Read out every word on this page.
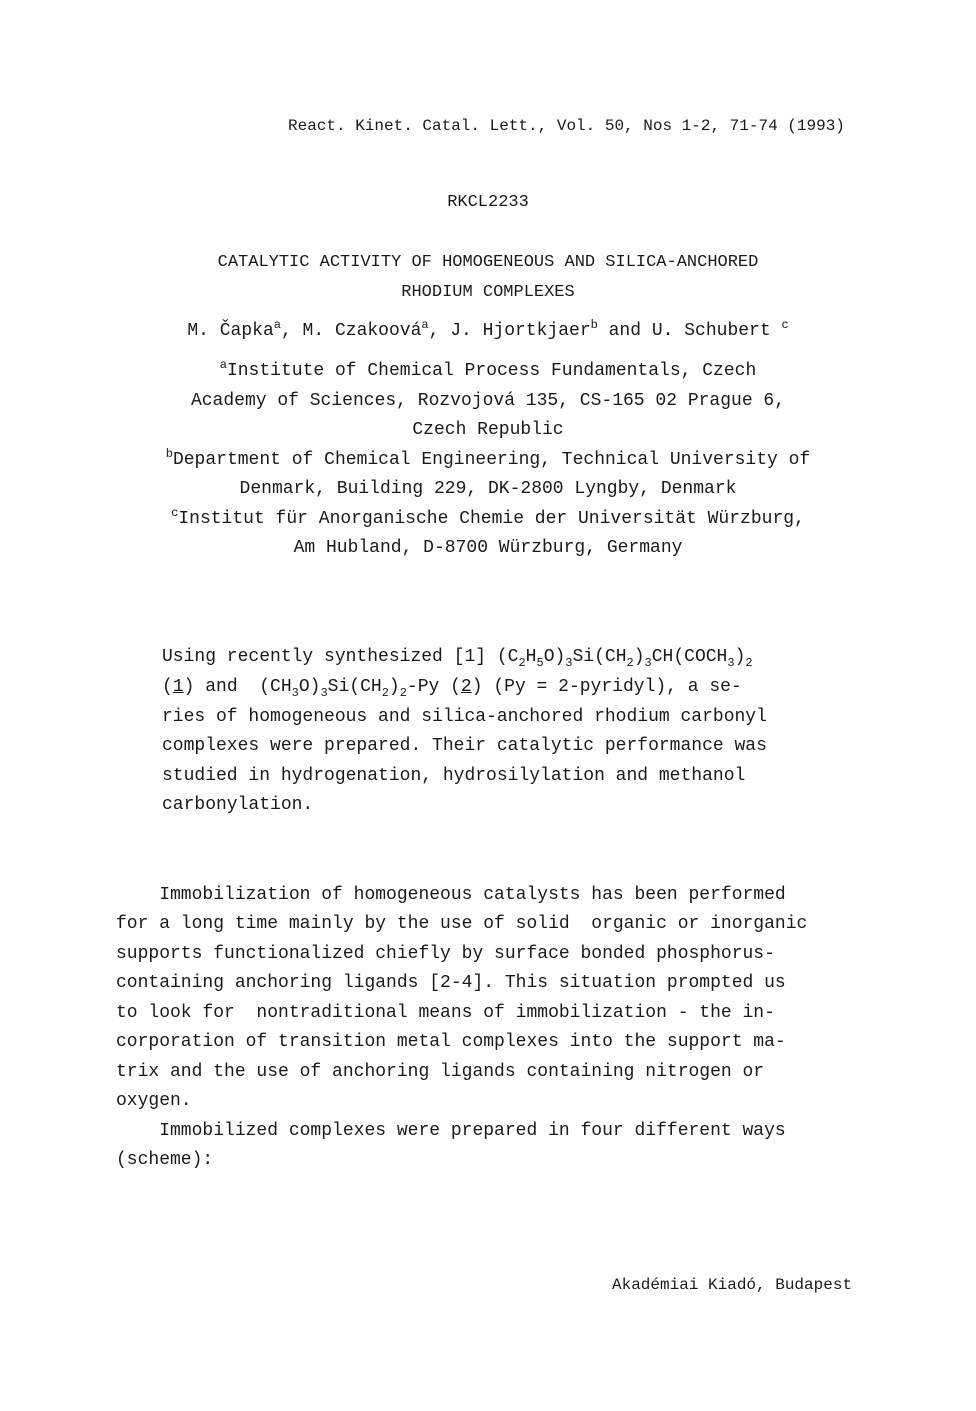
React. Kinet. Catal. Lett., Vol. 50, Nos 1-2, 71-74 (1993)
RKCL2233
CATALYTIC ACTIVITY OF HOMOGENEOUS AND SILICA-ANCHORED
RHODIUM COMPLEXES
M. Čapka$^a$, M. Czakoová$^a$, J. Hjortkjaer$^b$ and U. Schubert $^c$
$^a$Institute of Chemical Process Fundamentals, Czech
Academy of Sciences, Rozvojová 135, CS-165 02 Prague 6,
Czech Republic
$^b$Department of Chemical Engineering, Technical University of
Denmark, Building 229, DK-2800 Lyngby, Denmark
$^c$Institut für Anorganische Chemie der Universität Würzburg,
Am Hubland, D-8700 Würzburg, Germany
Using recently synthesized [1] $(C_2H_5O)_3Si(CH_2)_3CH(COCH_3)_2$
(1) and  $(CH_3O)_3Si(CH_2)_2-Py$ (2) (Py = 2-pyridyl), a se-
ries of homogeneous and silica-anchored rhodium carbonyl
complexes were prepared. Their catalytic performance was
studied in hydrogenation, hydrosilylation and methanol
carbonylation.
Immobilization of homogeneous catalysts has been performed
for a long time mainly by the use of solid  organic or inorganic
supports functionalized chiefly by surface bonded phosphorus-
containing anchoring ligands [2-4]. This situation prompted us
to look for  nontraditional means of immobilization - the in-
corporation of transition metal complexes into the support ma-
trix and the use of anchoring ligands containing nitrogen or
oxygen.
Immobilized complexes were prepared in four different ways
(scheme):
Akadémiai Kiadó, Budapest
